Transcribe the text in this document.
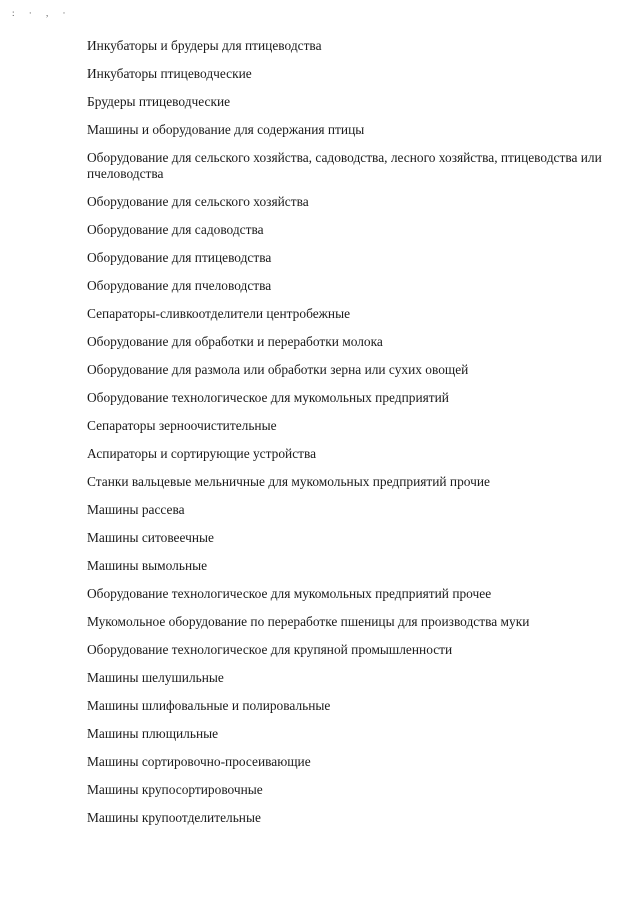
: · , ·
Инкубаторы и брудеры для птицеводства
Инкубаторы птицеводческие
Брудеры птицеводческие
Машины и оборудование для содержания птицы
Оборудование для сельского хозяйства, садоводства, лесного хозяйства, птицеводства или пчеловодства
Оборудование для сельского хозяйства
Оборудование для садоводства
Оборудование для птицеводства
Оборудование для пчеловодства
Сепараторы-сливкоотделители центробежные
Оборудование для обработки и переработки молока
Оборудование для размола или обработки зерна или сухих овощей
Оборудование технологическое для мукомольных предприятий
Сепараторы зерноочистительные
Аспираторы и сортирующие устройства
Станки вальцевые мельничные для мукомольных предприятий прочие
Машины рассева
Машины ситовеечные
Машины вымольные
Оборудование технологическое для мукомольных предприятий прочее
Мукомольное оборудование по переработке пшеницы для производства муки
Оборудование технологическое для крупяной промышленности
Машины шелушильные
Машины шлифовальные и полировальные
Машины плющильные
Машины сортировочно-просеивающие
Машины крупосортировочные
Машины крупоотделительные
